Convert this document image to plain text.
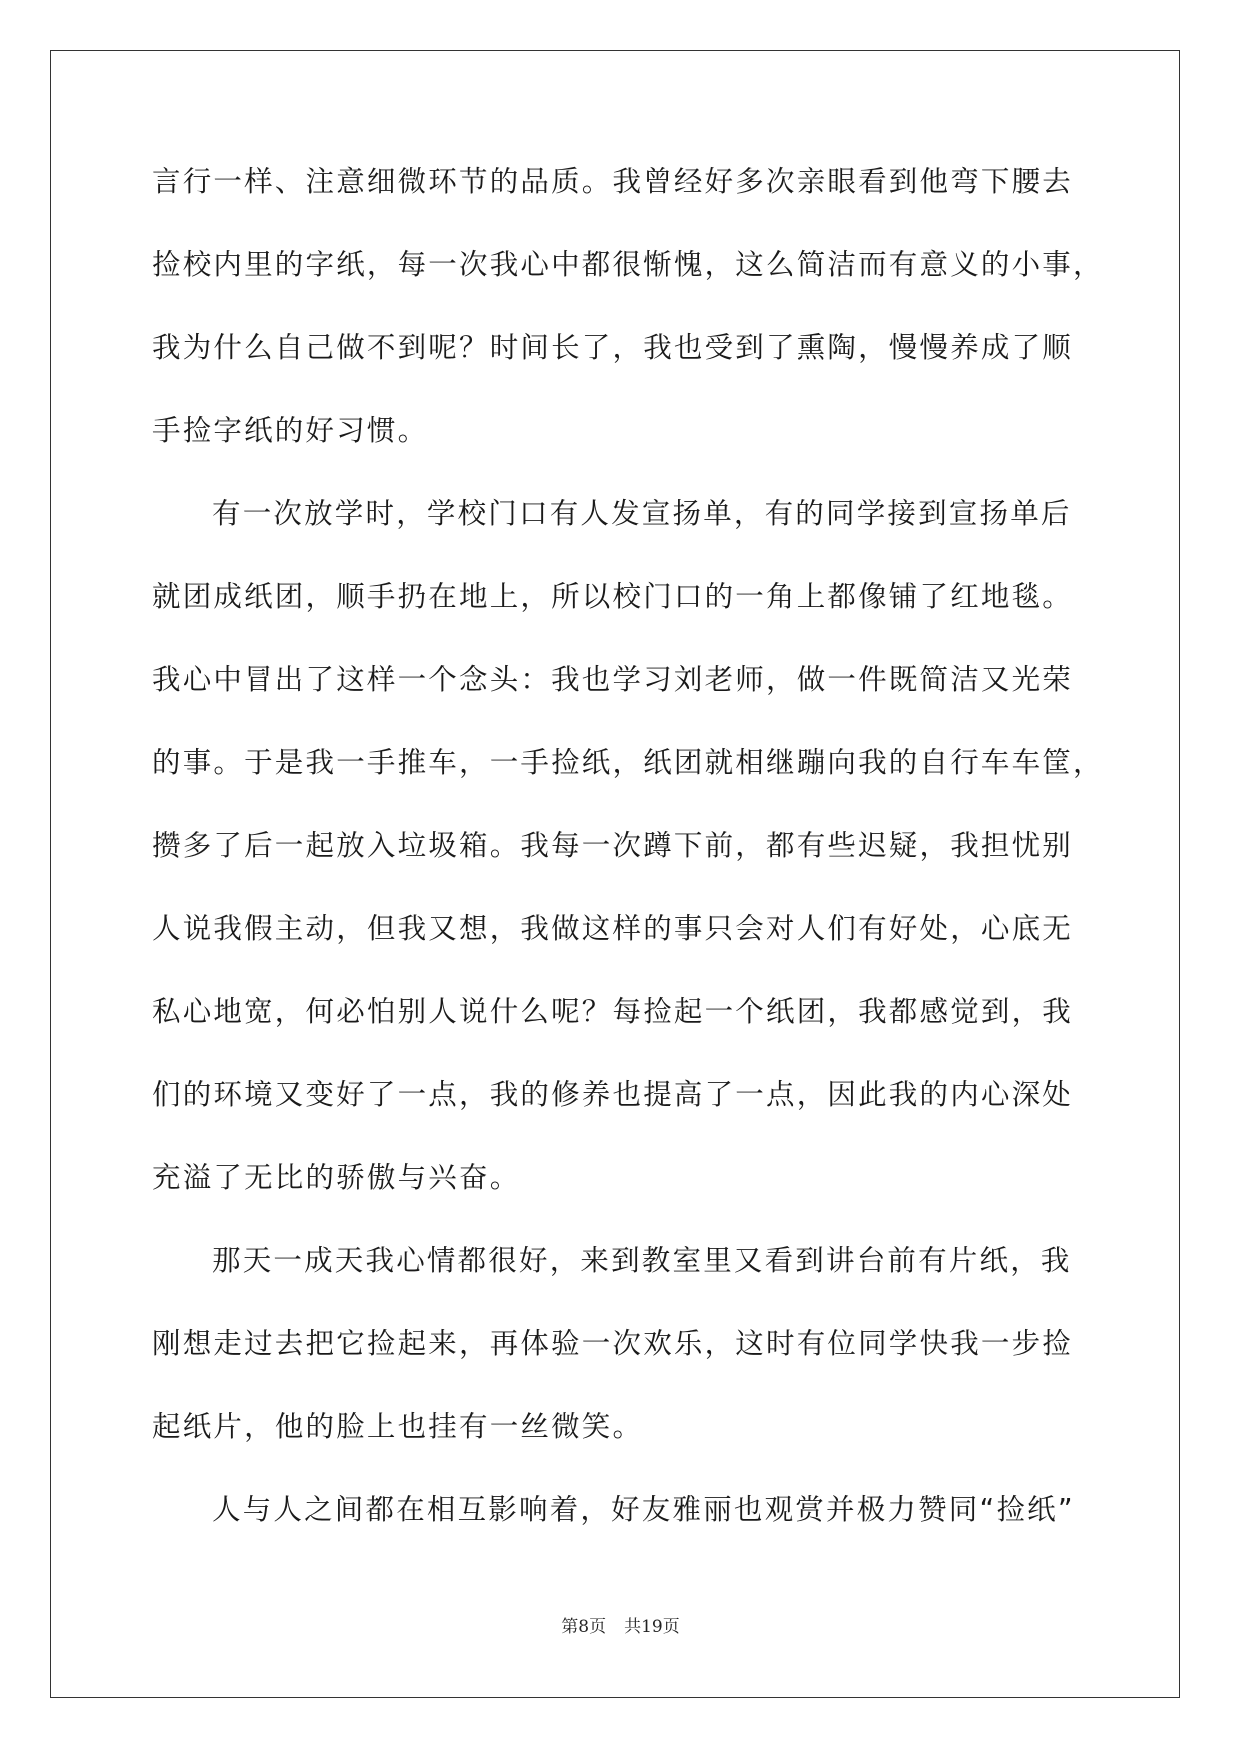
言行一样、注意细微环节的品质。我曾经好多次亲眼看到他弯下腰去
捡校内里的字纸，每一次我心中都很惭愧，这么简洁而有意义的小事，
我为什么自己做不到呢？时间长了，我也受到了熏陶，慢慢养成了顺
手捡字纸的好习惯。
有一次放学时，学校门口有人发宣扬单，有的同学接到宣扬单后
就团成纸团，顺手扔在地上，所以校门口的一角上都像铺了红地毯。
我心中冒出了这样一个念头：我也学习刘老师，做一件既简洁又光荣
的事。于是我一手推车，一手捡纸，纸团就相继蹦向我的自行车车筐，
攒多了后一起放入垃圾箱。我每一次蹲下前，都有些迟疑，我担忧别
人说我假主动，但我又想，我做这样的事只会对人们有好处，心底无
私心地宽，何必怕别人说什么呢？每捡起一个纸团，我都感觉到，我
们的环境又变好了一点，我的修养也提高了一点，因此我的内心深处
充溢了无比的骄傲与兴奋。
那天一成天我心情都很好，来到教室里又看到讲台前有片纸，我
刚想走过去把它捡起来，再体验一次欢乐，这时有位同学快我一步捡
起纸片，他的脸上也挂有一丝微笑。
人与人之间都在相互影响着，好友雅丽也观赏并极力赞同“捡纸”
第8页 共19页
